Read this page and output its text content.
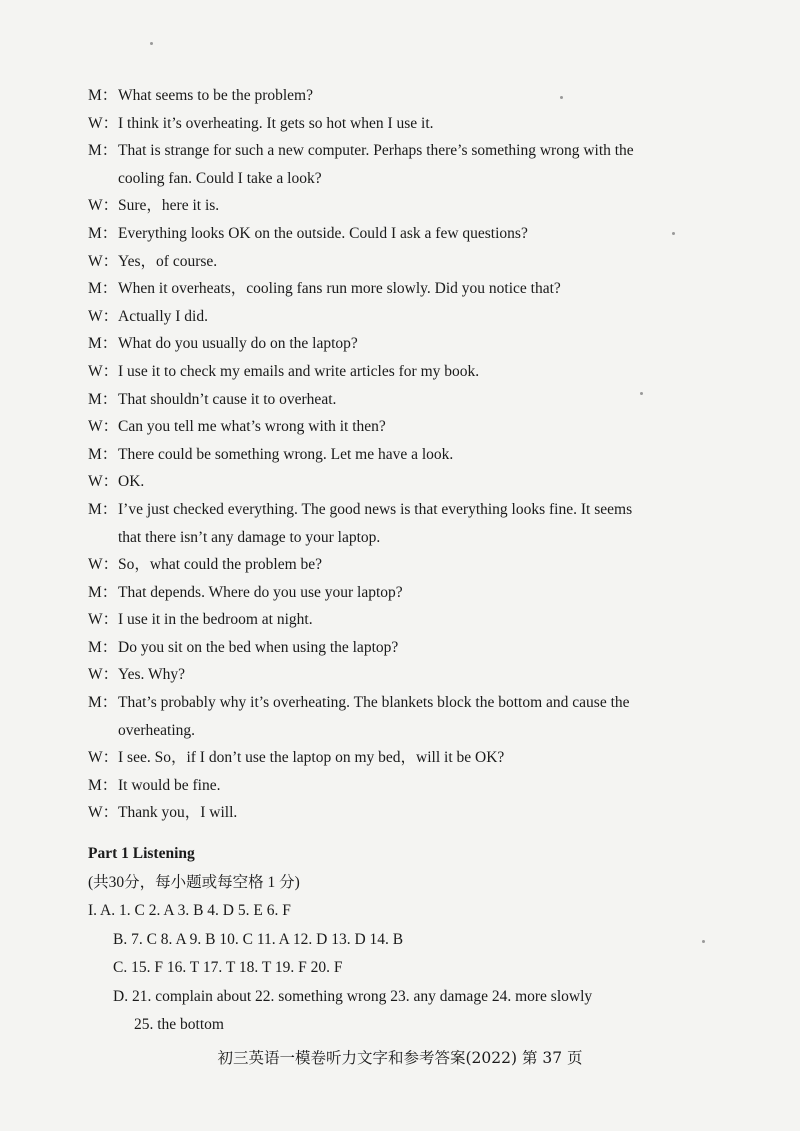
M：What seems to be the problem?
W：I think it’s overheating. It gets so hot when I use it.
M：That is strange for such a new computer. Perhaps there’s something wrong with the
cooling fan. Could I take a look?
W：Sure，here it is.
M：Everything looks OK on the outside. Could I ask a few questions?
W：Yes，of course.
M：When it overheats，cooling fans run more slowly. Did you notice that?
W：Actually I did.
M：What do you usually do on the laptop?
W：I use it to check my emails and write articles for my book.
M：That shouldn’t cause it to overheat.
W：Can you tell me what’s wrong with it then?
M：There could be something wrong. Let me have a look.
W：OK.
M：I’ve just checked everything. The good news is that everything looks fine. It seems
that there isn’t any damage to your laptop.
W：So，what could the problem be?
M：That depends. Where do you use your laptop?
W：I use it in the bedroom at night.
M：Do you sit on the bed when using the laptop?
W：Yes. Why?
M：That’s probably why it’s overheating. The blankets block the bottom and cause the
overheating.
W：I see. So，if I don’t use the laptop on my bed，will it be OK?
M：It would be fine.
W：Thank you，I will.
Part 1 Listening
(共30分，每小题或每空格 1 分)
I. A. 1. C 2. A 3. B 4. D 5. E 6. F
B. 7. C 8. A 9. B 10. C 11. A 12. D 13. D 14. B
C. 15. F 16. T 17. T 18. T 19. F 20. F
D. 21. complain about 22. something wrong 23. any damage 24. more slowly
25. the bottom
初三英语一模卷听力文字和参考答案(2022) 第 37 页
